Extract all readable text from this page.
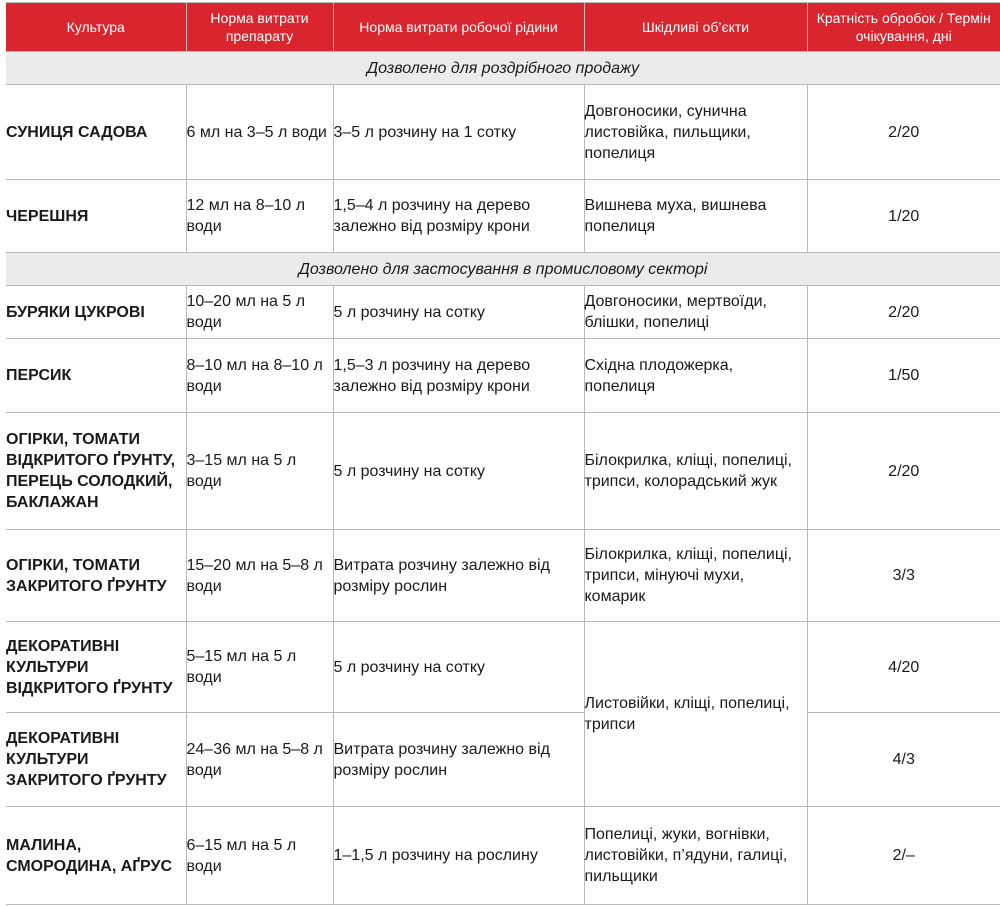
Культура	Норма витрати препарату	Норма витрати робочої рідини	Шкідливі об’єкти	Кратність обробок / Термін очікування, дні
Дозволено для роздрібного продажу				
СУНИЦЯ САДОВА	6 мл на 3–5 л води	3–5 л розчину на 1 сотку	Довгоносики, сунична листовійка, пильщики, попелиця	2/20
ЧЕРЕШНЯ	12 мл на 8–10 л води	1,5–4 л розчину на дерево залежно від розміру крони	Вишнева муха, вишнева попелиця	1/20
Дозволено для застосування в промисловому секторі				
БУРЯКИ ЦУКРОВІ	10–20 мл на 5 л води	5 л розчину на сотку	Довгоносики, мертвоїди, блішки, попелиці	2/20
ПЕРСИК	8–10 мл на 8–10 л води	1,5–3 л розчину на дерево залежно від розміру крони	Східна плодожерка, попелиця	1/50
ОГІРКИ, ТОМАТИ ВІДКРИТОГО ҐРУНТУ, ПЕРЕЦЬ СОЛОДКИЙ, БАКЛАЖАН	3–15 мл на 5 л води	5 л розчину на сотку	Білокрилка, кліщі, попелиці, трипси, колорадський жук	2/20
ОГІРКИ, ТОМАТИ ЗАКРИТОГО ҐРУНТУ	15–20 мл на 5–8 л води	Витрата розчину залежно від розміру рослин	Білокрилка, кліщі, попелиці, трипси, мінуючі мухи, комарик	3/3
ДЕКОРАТИВНІ КУЛЬТУРИ ВІДКРИТОГО ҐРУНТУ	5–15 мл на 5 л води	5 л розчину на сотку	Листовійки, кліщі, попелиці, трипси	4/20
ДЕКОРАТИВНІ КУЛЬТУРИ ЗАКРИТОГО ҐРУНТУ	24–36 мл на 5–8 л води	Витрата розчину залежно від розміру рослин		4/3
МАЛИНА, СМОРОДИНА, АҐРУС	6–15 мл на 5 л води	1–1,5 л розчину на рослину	Попелиці, жуки, вогнівки, листовійки, п’ядуни, галиці, пильщики	2/–
